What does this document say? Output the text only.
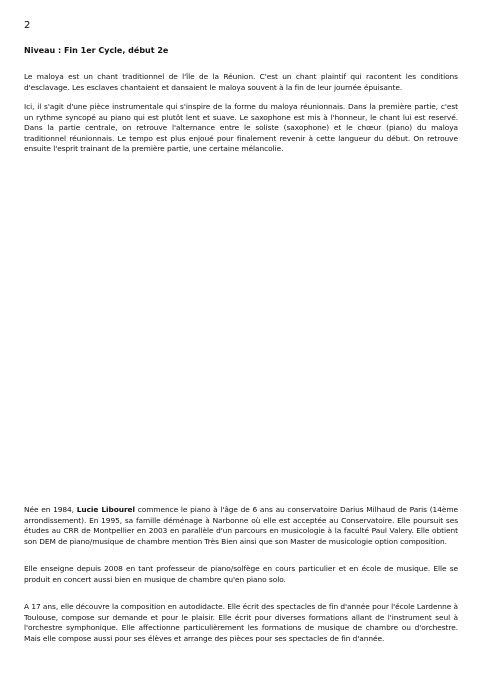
2
Niveau : Fin 1er Cycle, début 2e

Le maloya est un chant traditionnel de l'île de la Réunion. C'est un chant plaintif qui racontent les conditions d'esclavage. Les esclaves chantaient et dansaient le maloya souvent à la fin de leur journée épuisante.

Ici, il s'agit d'une pièce instrumentale qui s'inspire de la forme du maloya réunionnais. Dans la première partie, c'est un rythme syncopé au piano qui est plutôt lent et suave. Le saxophone est mis à l'honneur, le chant lui est reservé. Dans la partie centrale, on retrouve l'alternance entre le soliste (saxophone) et le chœur (piano) du maloya traditionnel réunionnais. Le tempo est plus enjoué pour finalement revenir à cette langueur du début. On retrouve ensuite l'esprit trainant de la première partie, une certaine mélancolie.

Née en 1984, Lucie Libourel commence le piano à l'âge de 6 ans au conservatoire Darius Milhaud de Paris (14ème arrondissement). En 1995, sa famille déménage à Narbonne où elle est acceptée au Conservatoire. Elle poursuit ses études au CRR de Montpellier en 2003 en parallèle d'un parcours en musicologie à la faculté Paul Valery. Elle obtient son DEM de piano/musique de chambre mention Très Bien ainsi que son Master de musicologie option composition.

Elle enseigne depuis 2008 en tant professeur de piano/solfège en cours particulier et en école de musique. Elle se produit en concert aussi bien en musique de chambre qu'en piano solo.

A 17 ans, elle découvre la composition en autodidacte. Elle écrit des spectacles de fin d'année pour l'école Lardenne à Toulouse, compose sur demande et pour le plaisir. Elle écrit pour diverses formations allant de l'instrument seul à l'orchestre symphonique. Elle affectionne particulièrement les formations de musique de chambre ou d'orchestre. Mais elle compose aussi pour ses élèves et arrange des pièces pour ses spectacles de fin d'année.
